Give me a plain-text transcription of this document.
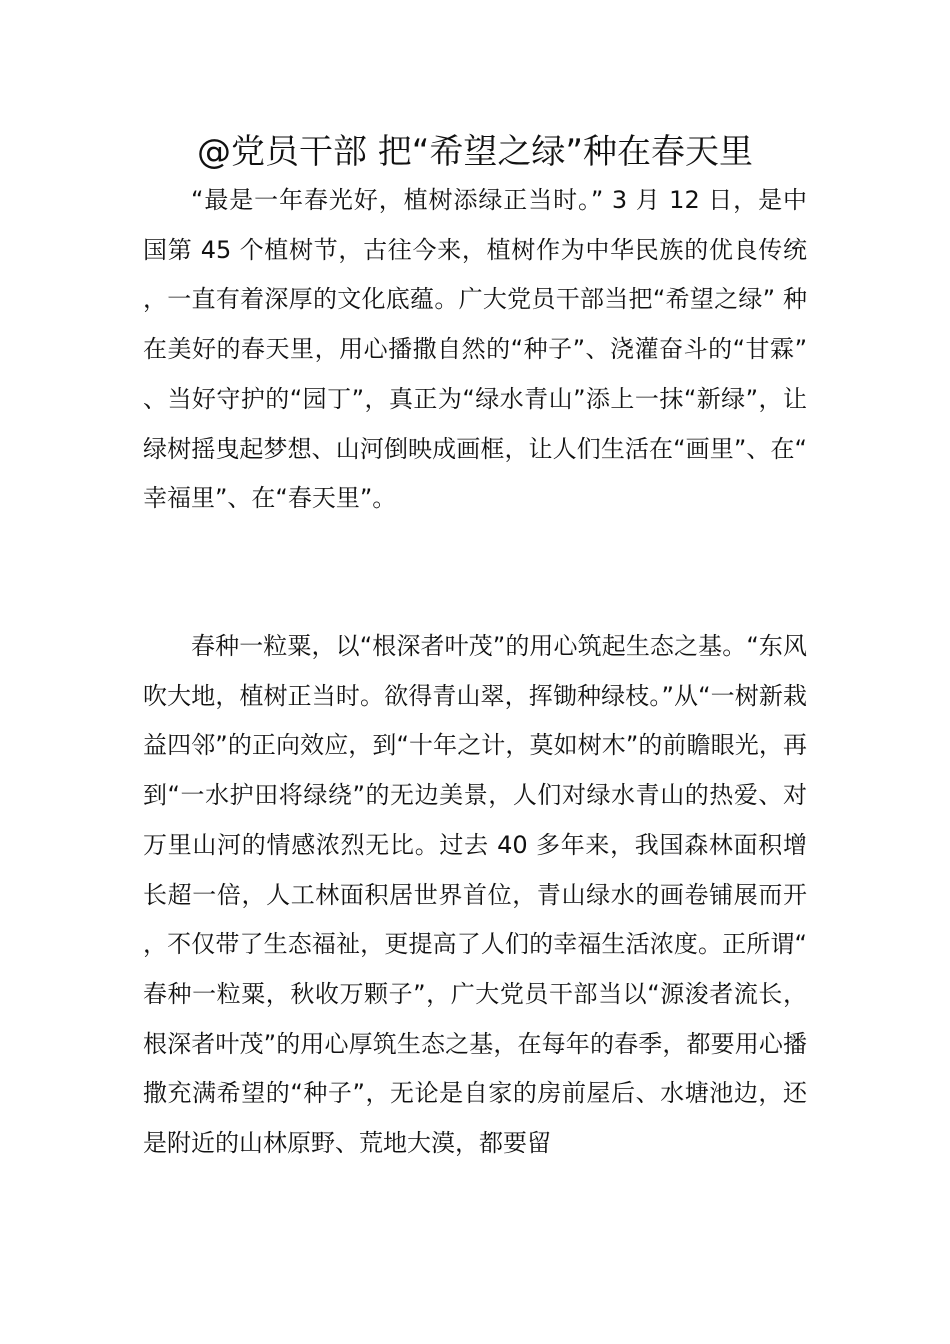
@党员干部 把“希望之绿”种在春天里

“最是一年春光好，植树添绿正当时。” 3 月 12 日，是中国第 45 个植树节，古往今来，植树作为中华民族的优良传统，一直有着深厚的文化底蕴。广大党员干部当把“希望之绿” 种在美好的春天里，用心播撒自然的“种子”、浇灌奋斗的“甘霖”、当好守护的“园丁”，真正为“绿水青山”添上一抹“新绿”，让绿树摇曳起梦想、山河倒映成画框，让人们生活在“画里”、在“幸福里”、在“春天里”。

春种一粒粟，以“根深者叶茂”的用心筑起生态之基。“东风吹大地，植树正当时。欲得青山翠，挥锄种绿枝。”从“一树新栽益四邻”的正向效应，到“十年之计，莫如树木”的前瞻眼光，再到“一水护田将绿绕”的无边美景，人们对绿水青山的热爱、对万里山河的情感浓烈无比。过去 40 多年来，我国森林面积增长超一倍，人工林面积居世界首位，青山绿水的画卷铺展而开，不仅带了生态福祉，更提高了人们的幸福生活浓度。正所谓“春种一粒粟，秋收万颗子”，广大党员干部当以“源浚者流长，根深者叶茂”的用心厚筑生态之基，在每年的春季，都要用心播撒充满希望的“种子”，无论是自家的房前屋后、水塘池边，还是附近的山林原野、荒地大漠，都要留
